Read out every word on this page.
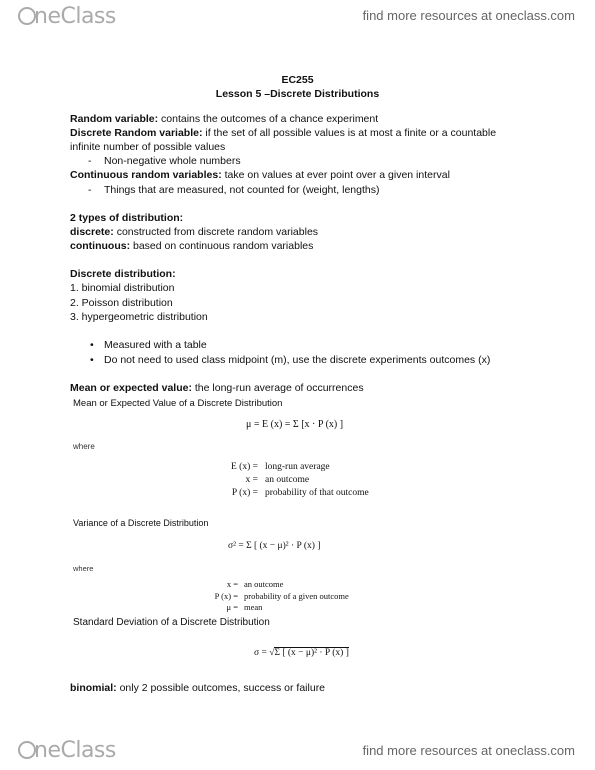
neClass	find more resources at oneclass.com
EC255
Lesson 5 –Discrete Distributions
Random variable: contains the outcomes of a chance experiment
Discrete Random variable: if the set of all possible values is at most a finite or a countable
infinite number of possible values
- Non-negative whole numbers
Continuous random variables: take on values at ever point over a given interval
- Things that are measured, not counted for (weight, lengths)
2 types of distribution:
discrete: constructed from discrete random variables
continuous: based on continuous random variables
Discrete distribution:
1. binomial distribution
2. Poisson distribution
3. hypergeometric distribution
• Measured with a table
• Do not need to used class midpoint (m), use the discrete experiments outcomes (x)
Mean or expected value: the long-run average of occurrences
Mean or Expected Value of a Discrete Distribution
μ = E (x) = Σ [x · P (x) ]
where
E (x) = long-run average
x = an outcome
P (x) = probability of that outcome
Variance of a Discrete Distribution
σ² = Σ [ (x − μ)² · P (x) ]
where
x = an outcome
P (x) = probability of a given outcome
μ = mean
Standard Deviation of a Discrete Distribution
σ = √Σ [ (x − μ)² · P (x) ]
binomial: only 2 possible outcomes, success or failure
neClass	find more resources at oneclass.com
